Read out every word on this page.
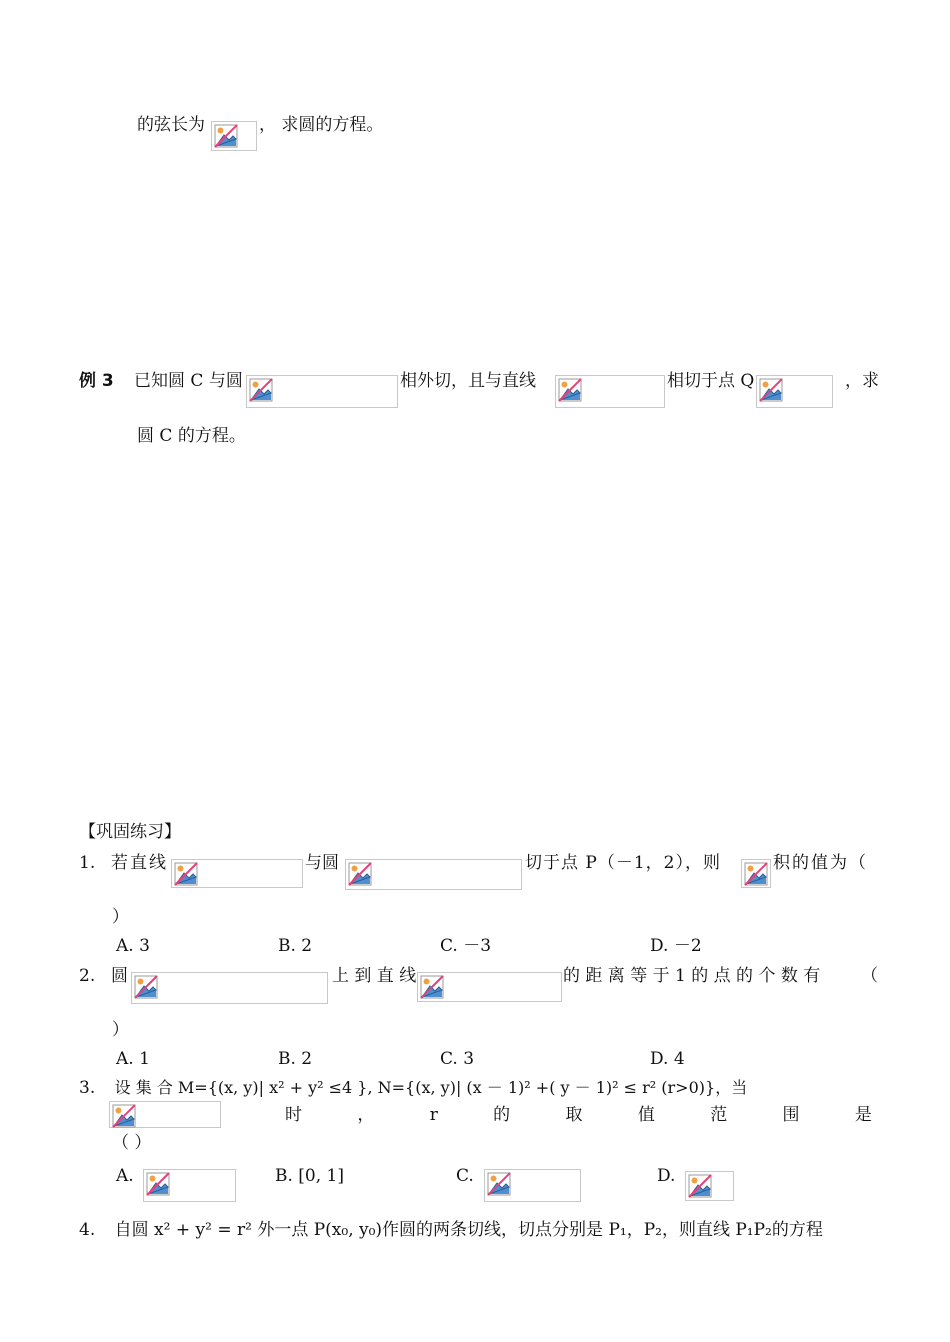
的弦长为	， 求圆的方程。
例 3 已知圆 C 与圆	相外切，且与直线	相切于点 Q	，求
圆 C 的方程。
【巩固练习】
1. 若直线	与圆	切于点 P（－1，2），则	积的值为（
）
A. 3	B. 2	C. －3	D. －2
2. 圆	上 到 直 线	的 距 离 等 于 1 的 点 的 个 数 有 （
）
A. 1	B. 2	C. 3	D. 4
3. 设 集 合 M={(x, y)| x² + y² ≤4 }, N={(x, y)| (x － 1)² +( y － 1)² ≤ r² (r>0)}，当
时	，	r	的	取	值	范	围	是
（ ）
A.	B. [0, 1]	C.	D.
4. 自圆 x² + y² = r² 外一点 P(x₀, y₀)作圆的两条切线，切点分别是 P₁，P₂，则直线 P₁P₂的方程
